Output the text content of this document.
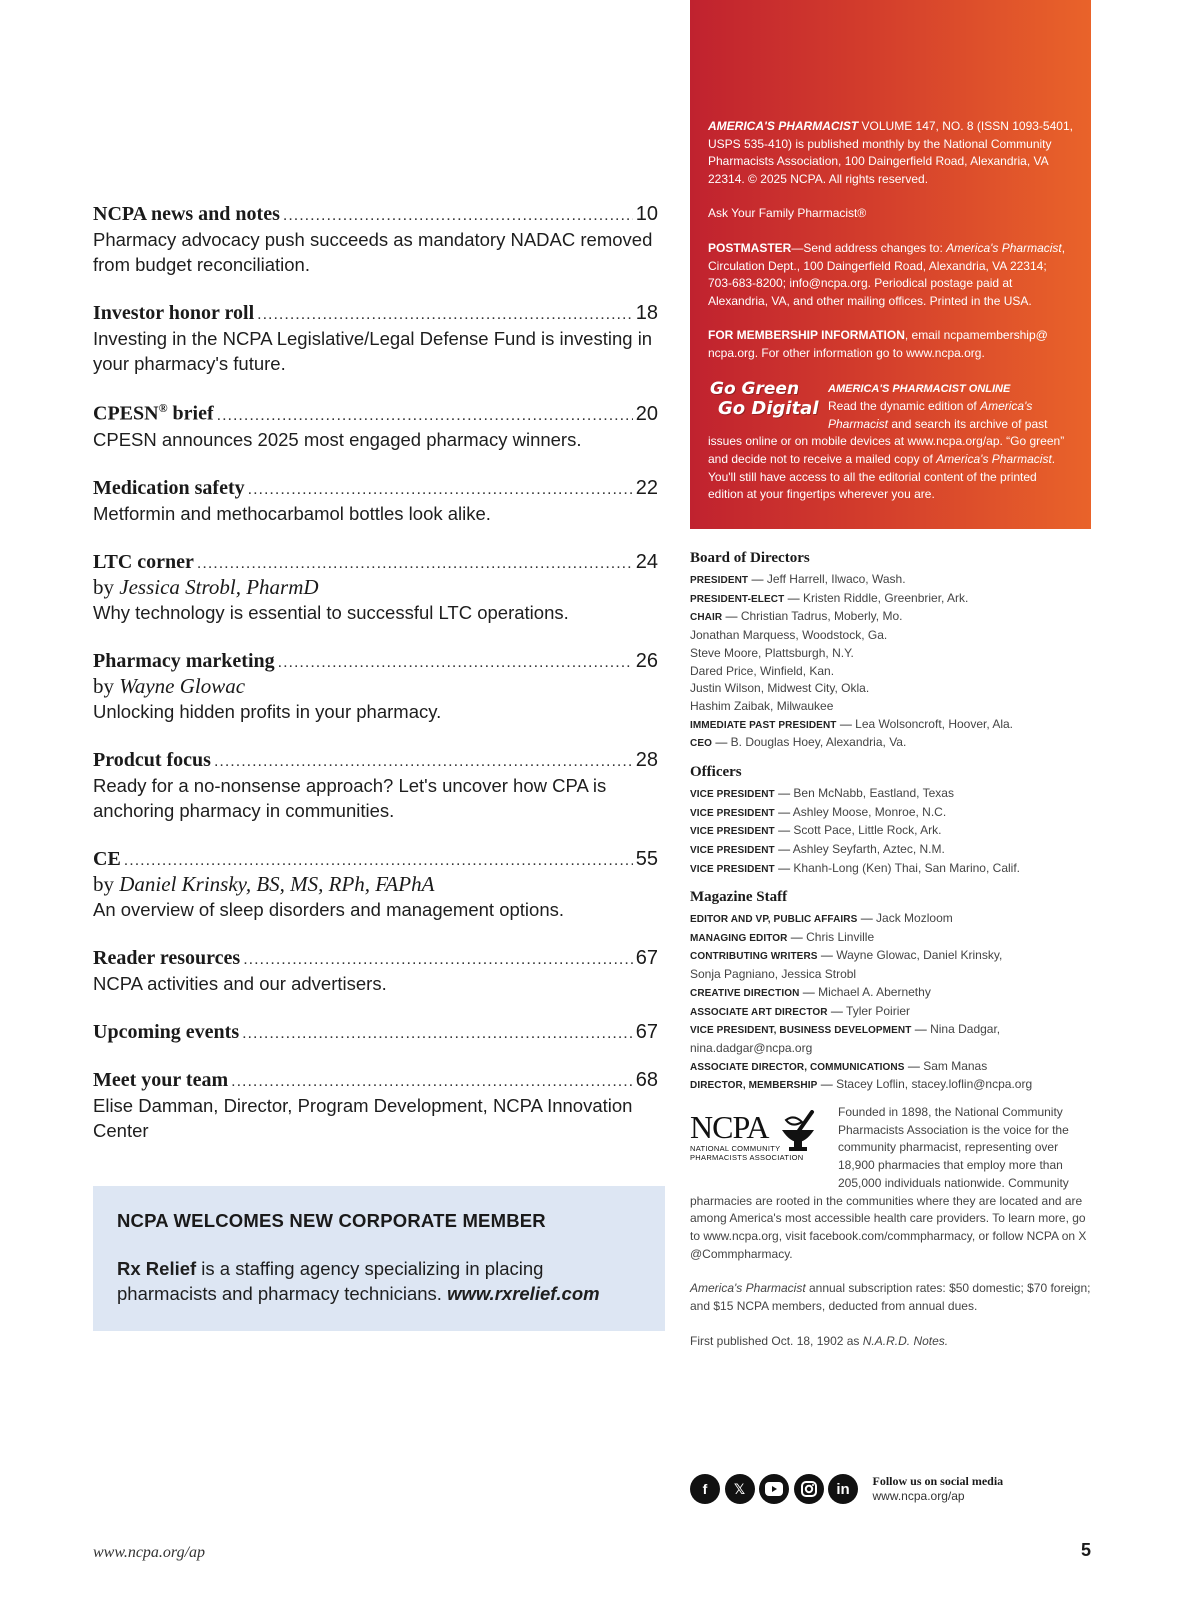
NCPA news and notes .....	10
Pharmacy advocacy push succeeds as mandatory NADAC removed from budget reconciliation.
Investor honor roll .....	18
Investing in the NCPA Legislative/Legal Defense Fund is investing in your pharmacy's future.
CPESN® brief .....	20
CPESN announces 2025 most engaged pharmacy winners.
Medication safety .....	22
Metformin and methocarbamol bottles look alike.
LTC corner .....	24
by Jessica Strobl, PharmD
Why technology is essential to successful LTC operations.
Pharmacy marketing .....	26
by Wayne Glowac
Unlocking hidden profits in your pharmacy.
Prodcut focus .....	28
Ready for a no-nonsense approach? Let's uncover how CPA is anchoring pharmacy in communities.
CE .....	55
by Daniel Krinsky, BS, MS, RPh, FAPhA
An overview of sleep disorders and management options.
Reader resources .....	67
NCPA activities and our advertisers.
Upcoming events .....	67
Meet your team .....	68
Elise Damman, Director, Program Development, NCPA Innovation Center
NCPA WELCOMES NEW CORPORATE MEMBER
Rx Relief is a staffing agency specializing in placing pharmacists and pharmacy technicians. www.rxrelief.com

AMERICA'S PHARMACIST VOLUME 147, NO. 8 (ISSN 1093-5401, USPS 535-410) is published monthly by the National Community Pharmacists Association, 100 Daingerfield Road, Alexandria, VA 22314. © 2025 NCPA. All rights reserved.

Ask Your Family Pharmacist®

POSTMASTER—Send address changes to: America's Pharmacist, Circulation Dept., 100 Daingerfield Road, Alexandria, VA 22314; 703-683-8200; info@ncpa.org. Periodical postage paid at Alexandria, VA, and other mailing offices. Printed in the USA.

FOR MEMBERSHIP INFORMATION, email ncpamembership@ ncpa.org. For other information go to www.ncpa.org.

Go Green
Go Digital
AMERICA'S PHARMACIST ONLINE
Read the dynamic edition of America's Pharmacist and search its archive of past issues online or on mobile devices at www.ncpa.org/ap. “Go green” and decide not to receive a mailed copy of America's Pharmacist. You'll still have access to all the editorial content of the printed edition at your fingertips wherever you are.
Board of Directors
PRESIDENT — Jeff Harrell, Ilwaco, Wash.
PRESIDENT-ELECT — Kristen Riddle, Greenbrier, Ark.
CHAIR — Christian Tadrus, Moberly, Mo.
Jonathan Marquess, Woodstock, Ga.
Steve Moore, Plattsburgh, N.Y.
Dared Price, Winfield, Kan.
Justin Wilson, Midwest City, Okla.
Hashim Zaibak, Milwaukee
IMMEDIATE PAST PRESIDENT — Lea Wolsoncroft, Hoover, Ala.
CEO — B. Douglas Hoey, Alexandria, Va.
Officers
VICE PRESIDENT — Ben McNabb, Eastland, Texas
VICE PRESIDENT — Ashley Moose, Monroe, N.C.
VICE PRESIDENT — Scott Pace, Little Rock, Ark.
VICE PRESIDENT — Ashley Seyfarth, Aztec, N.M.
VICE PRESIDENT — Khanh-Long (Ken) Thai, San Marino, Calif.
Magazine Staff
EDITOR AND VP, PUBLIC AFFAIRS — Jack Mozloom
MANAGING EDITOR — Chris Linville
CONTRIBUTING WRITERS — Wayne Glowac, Daniel Krinsky,
Sonja Pagniano, Jessica Strobl
CREATIVE DIRECTION — Michael A. Abernethy
ASSOCIATE ART DIRECTOR — Tyler Poirier
VICE PRESIDENT, BUSINESS DEVELOPMENT — Nina Dadgar,
nina.dadgar@ncpa.org
ASSOCIATE DIRECTOR, COMMUNICATIONS — Sam Manas
DIRECTOR, MEMBERSHIP — Stacey Loflin, stacey.loflin@ncpa.org
NCPA
NATIONAL COMMUNITY
PHARMACISTS ASSOCIATION

Founded in 1898, the National Community Pharmacists Association is the voice for the community pharmacist, representing over 18,900 pharmacies that employ more than 205,000 individuals nationwide. Community pharmacies are rooted in the communities where they are located and are among America's most accessible health care providers. To learn more, go to www.ncpa.org, visit facebook.com/commpharmacy, or follow NCPA on X @Commpharmacy.

America's Pharmacist annual subscription rates: $50 domestic; $70 foreign; and $15 NCPA members, deducted from annual dues.

First published Oct. 18, 1902 as N.A.R.D. Notes.

f	𝕏	in	Follow us on social media
www.ncpa.org/ap
www.ncpa.org/ap	5
